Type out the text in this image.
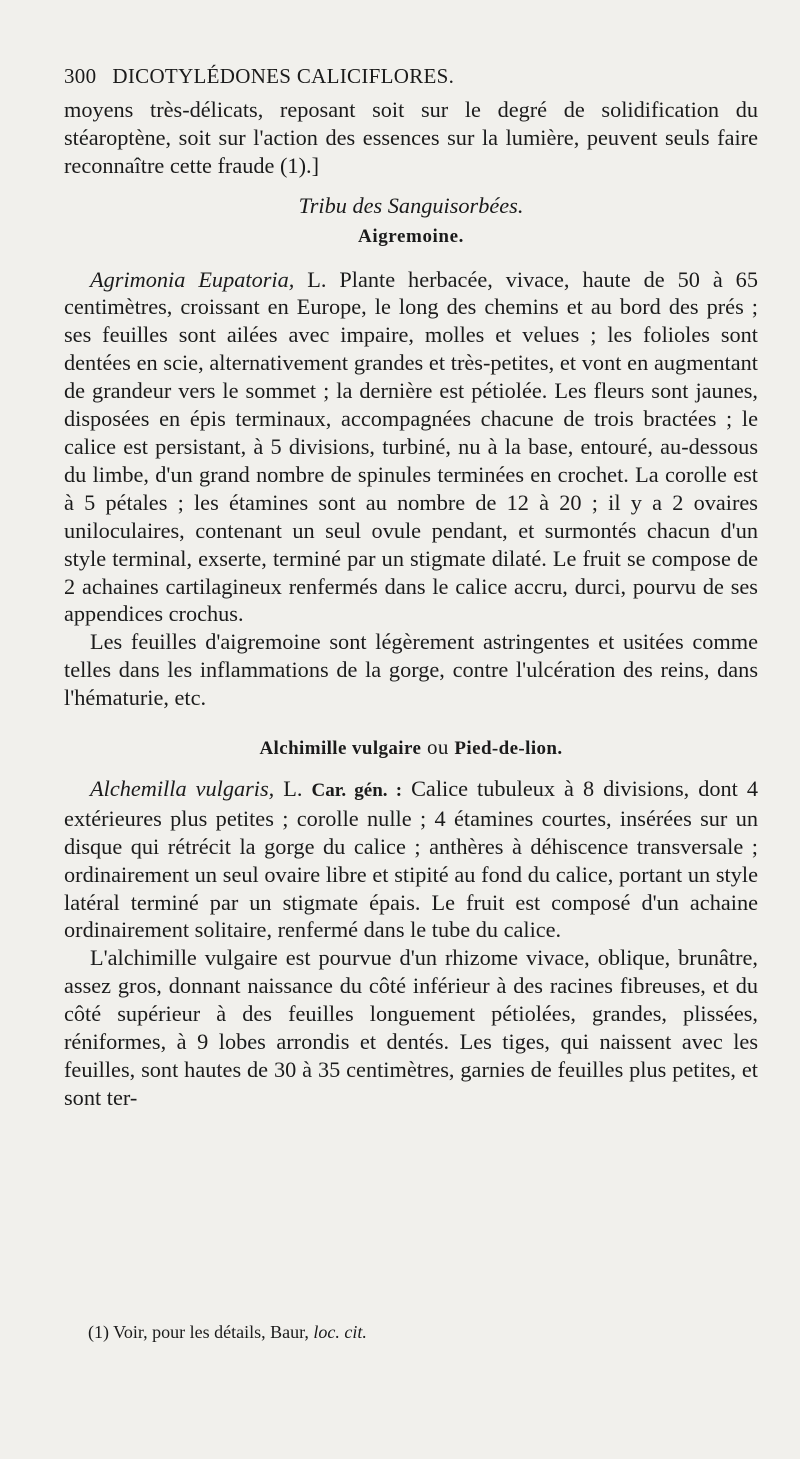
300 DICOTYLÉDONES CALICIFLORES.

moyens très-délicats, reposant soit sur le degré de solidification du stéaroptène, soit sur l'action des essences sur la lumière, peuvent seuls faire reconnaître cette fraude (1).]

Tribu des Sanguisorbées.

Aigremoine.

Agrimonia Eupatoria, L. Plante herbacée, vivace, haute de 50 à 65 centimètres, croissant en Europe, le long des chemins et au bord des prés ; ses feuilles sont ailées avec impaire, molles et velues ; les folioles sont dentées en scie, alternativement grandes et très-petites, et vont en augmentant de grandeur vers le sommet ; la dernière est pétiolée. Les fleurs sont jaunes, disposées en épis terminaux, accompagnées chacune de trois bractées ; le calice est persistant, à 5 divisions, turbiné, nu à la base, entouré, au-dessous du limbe, d'un grand nombre de spinules terminées en crochet. La corolle est à 5 pétales ; les étamines sont au nombre de 12 à 20 ; il y a 2 ovaires uniloculaires, contenant un seul ovule pendant, et surmontés chacun d'un style terminal, exserte, terminé par un stigmate dilaté. Le fruit se compose de 2 achaines cartilagineux renfermés dans le calice accru, durci, pourvu de ses appendices crochus.

Les feuilles d'aigremoine sont légèrement astringentes et usitées comme telles dans les inflammations de la gorge, contre l'ulcération des reins, dans l'hématurie, etc.

Alchimille vulgaire ou Pied-de-lion.

Alchemilla vulgaris, L. Car. gén. : Calice tubuleux à 8 divisions, dont 4 extérieures plus petites ; corolle nulle ; 4 étamines courtes, insérées sur un disque qui rétrécit la gorge du calice ; anthères à déhiscence transversale ; ordinairement un seul ovaire libre et stipité au fond du calice, portant un style latéral terminé par un stigmate épais. Le fruit est composé d'un achaine ordinairement solitaire, renfermé dans le tube du calice.

L'alchimille vulgaire est pourvue d'un rhizome vivace, oblique, brunâtre, assez gros, donnant naissance du côté inférieur à des racines fibreuses, et du côté supérieur à des feuilles longuement pétiolées, grandes, plissées, réniformes, à 9 lobes arrondis et dentés. Les tiges, qui naissent avec les feuilles, sont hautes de 30 à 35 centimètres, garnies de feuilles plus petites, et sont ter-

(1) Voir, pour les détails, Baur, loc. cit.
